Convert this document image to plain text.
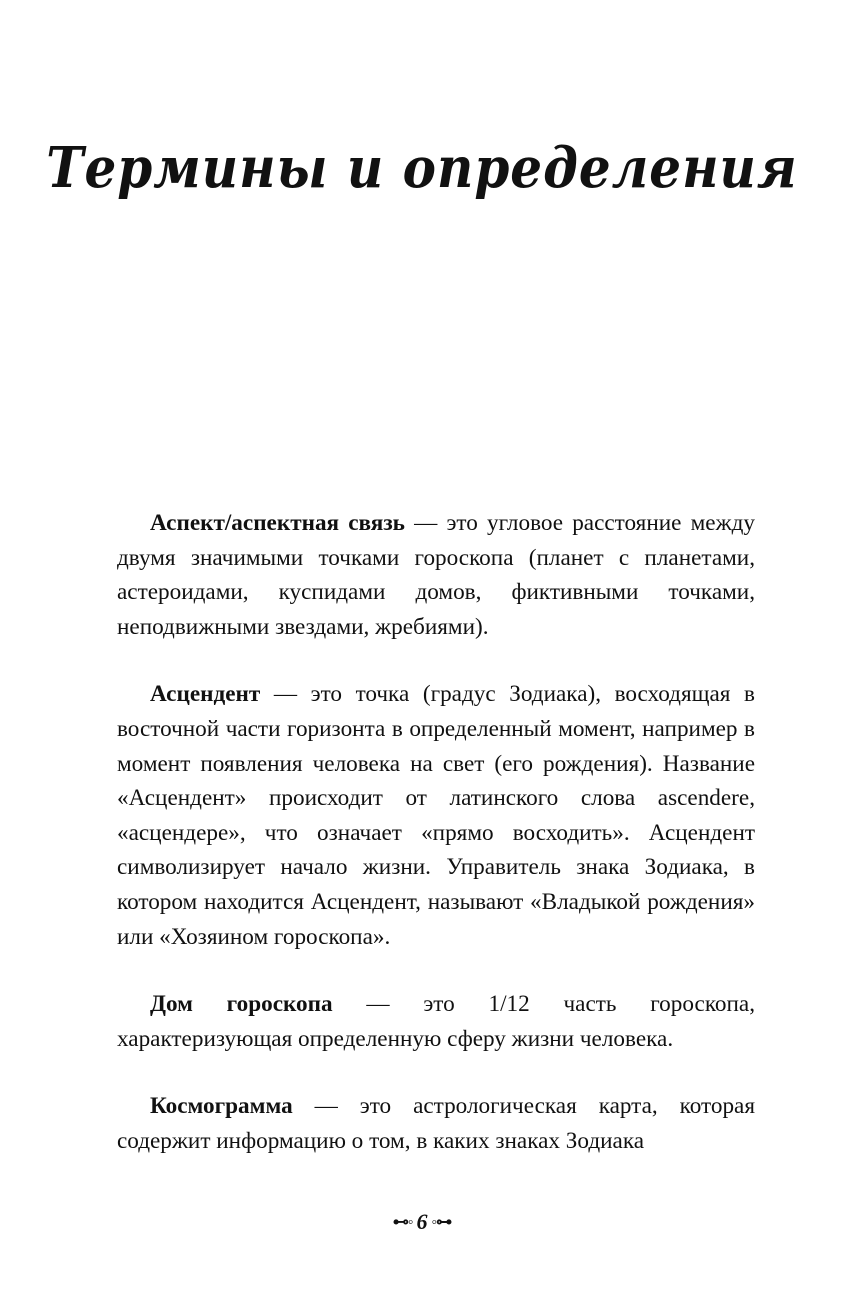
Термины и определения

Аспект/аспектная связь — это угловое расстояние между двумя значимыми точками гороскопа (планет с планетами, астероидами, куспидами домов, фиктивными точками, неподвижными звездами, жребиями).

Асцендент — это точка (градус Зодиака), восходящая в восточной части горизонта в определенный момент, например в момент появления человека на свет (его рождения). Название «Асцендент» происходит от латинского слова ascendere, «асцендере», что означает «прямо восходить». Асцендент символизирует начало жизни. Управитель знака Зодиака, в котором находится Асцендент, называют «Владыкой рождения» или «Хозяином гороскопа».

Дом гороскопа — это 1/12 часть гороскопа, характеризующая определенную сферу жизни человека.

Космограмма — это астрологическая карта, которая содержит информацию о том, в каких знаках Зодиака

⊷◦ 6 ◦⊶
